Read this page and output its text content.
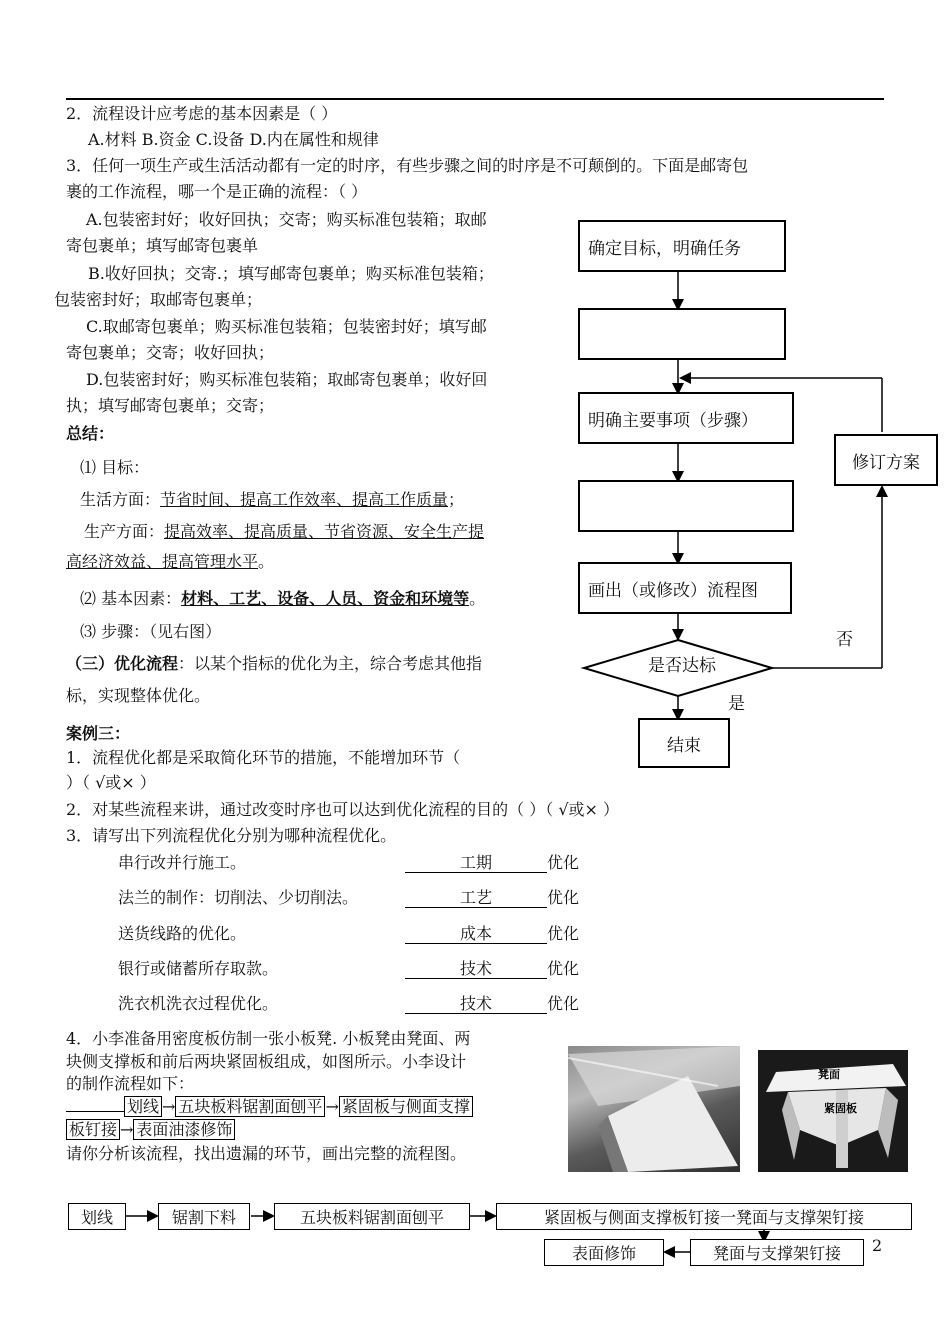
2．流程设计应考虑的基本因素是（ ）
A.材料 B.资金 C.设备 D.内在属性和规律
3．任何一项生产或生活活动都有一定的时序，有些步骤之间的时序是不可颠倒的。下面是邮寄包
裹的工作流程，哪一个是正确的流程：（ ）
A.包装密封好；收好回执；交寄；购买标准包装箱；取邮
寄包裹单；填写邮寄包裹单
B.收好回执；交寄.；填写邮寄包裹单；购买标准包装箱；
包装密封好；取邮寄包裹单；
C.取邮寄包裹单；购买标准包装箱；包装密封好；填写邮
寄包裹单；交寄；收好回执；
D.包装密封好；购买标准包装箱；取邮寄包裹单；收好回
执；填写邮寄包裹单；交寄；
总结：
⑴ 目标：
生活方面：节省时间、提高工作效率、提高工作质量；
生产方面：提高效率、提高质量、节省资源、安全生产提
高经济效益、提高管理水平。
⑵ 基本因素：材料、工艺、设备、人员、资金和环境等。
⑶ 步骤：（见右图）
（三）优化流程：以某个指标的优化为主，综合考虑其他指
标，实现整体优化。
案例三：
1．流程优化都是采取简化环节的措施，不能增加环节（
）（ √或× ）
2．对某些流程来讲，通过改变时序也可以达到优化流程的目的（ ）（ √或× ）
3．请写出下列流程优化分别为哪种流程优化。
串行改并行施工。	工期	优化
法兰的制作：切削法、少切削法。	工艺	优化
送货线路的优化。	成本	优化
银行或储蓄所存取款。	技术	优化
洗衣机洗衣过程优化。	技术	优化
4．小李准备用密度板仿制一张小板凳. 小板凳由凳面、两
块侧支撑板和前后两块紧固板组成，如图所示。小李设计
的制作流程如下：
划线 → 五块板料锯割面刨平 → 紧固板与侧面支撑
板钉接 → 表面油漆修饰
请你分析该流程，找出遗漏的环节，画出完整的流程图。
凳面
紧固板
确定目标，明确任务
明确主要事项（步骤）
画出（或修改）流程图
是否达标
结束
修订方案
否
是
划线	锯割下料	五块板料锯割面刨平	紧固板与侧面支撑板钉接一凳面与支撑架钉接
凳面与支撑架钉接
表面修饰	2
